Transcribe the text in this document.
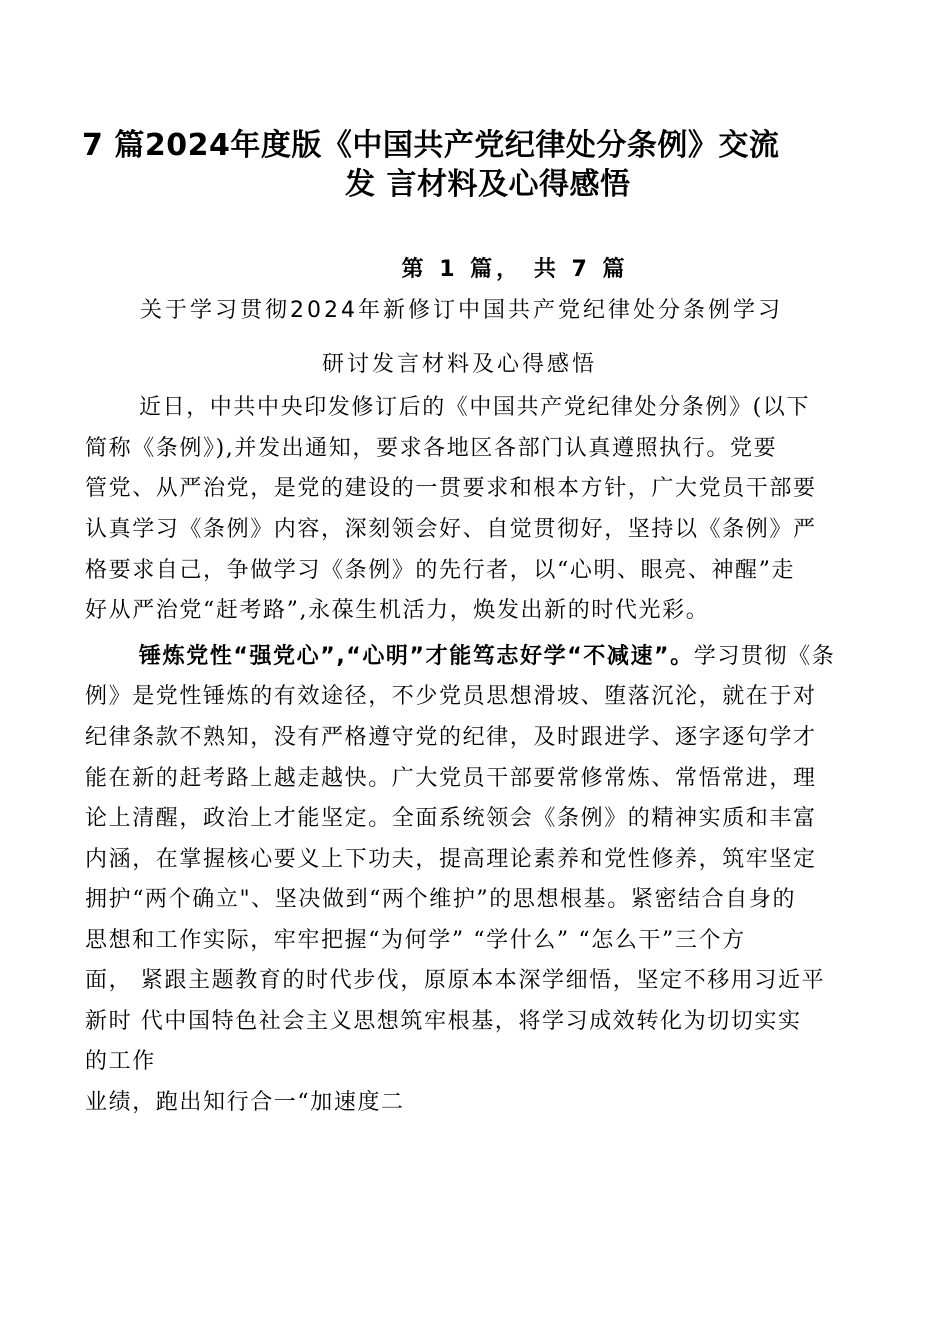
7 篇2024年度版《中国共产党纪律处分条例》交流
发 言材料及心得感悟
第 1 篇， 共 7 篇
关于学习贯彻2024年新修订中国共产党纪律处分条例学习
研讨发言材料及心得感悟
近日，中共中央印发修订后的《中国共产党纪律处分条例》(以下
简称《条例》),并发出通知，要求各地区各部门认真遵照执行。党要
管党、从严治党，是党的建设的一贯要求和根本方针，广大党员干部要
认真学习《条例》内容，深刻领会好、自觉贯彻好，坚持以《条例》严
格要求自己，争做学习《条例》的先行者，以“心明、眼亮、神醒”走
好从严治党“赶考路”,永葆生机活力，焕发出新的时代光彩。
锤炼党性“强党心”,“心明”才能笃志好学“不减速”。学习贯彻《条
例》是党性锤炼的有效途径，不少党员思想滑坡、堕落沉沦，就在于对
纪律条款不熟知，没有严格遵守党的纪律，及时跟进学、逐字逐句学才
能在新的赶考路上越走越快。广大党员干部要常修常炼、常悟常进，理
论上清醒，政治上才能坚定。全面系统领会《条例》的精神实质和丰富
内涵，在掌握核心要义上下功夫，提高理论素养和党性修养，筑牢坚定
拥护“两个确立"、坚决做到“两个维护”的思想根基。紧密结合自身的
思想和工作实际，牢牢把握“为何学” “学什么” “怎么干”三个方
面， 紧跟主题教育的时代步伐，原原本本深学细悟，坚定不移用习近平
新时 代中国特色社会主义思想筑牢根基，将学习成效转化为切切实实
的工作
业绩，跑出知行合一“加速度二
